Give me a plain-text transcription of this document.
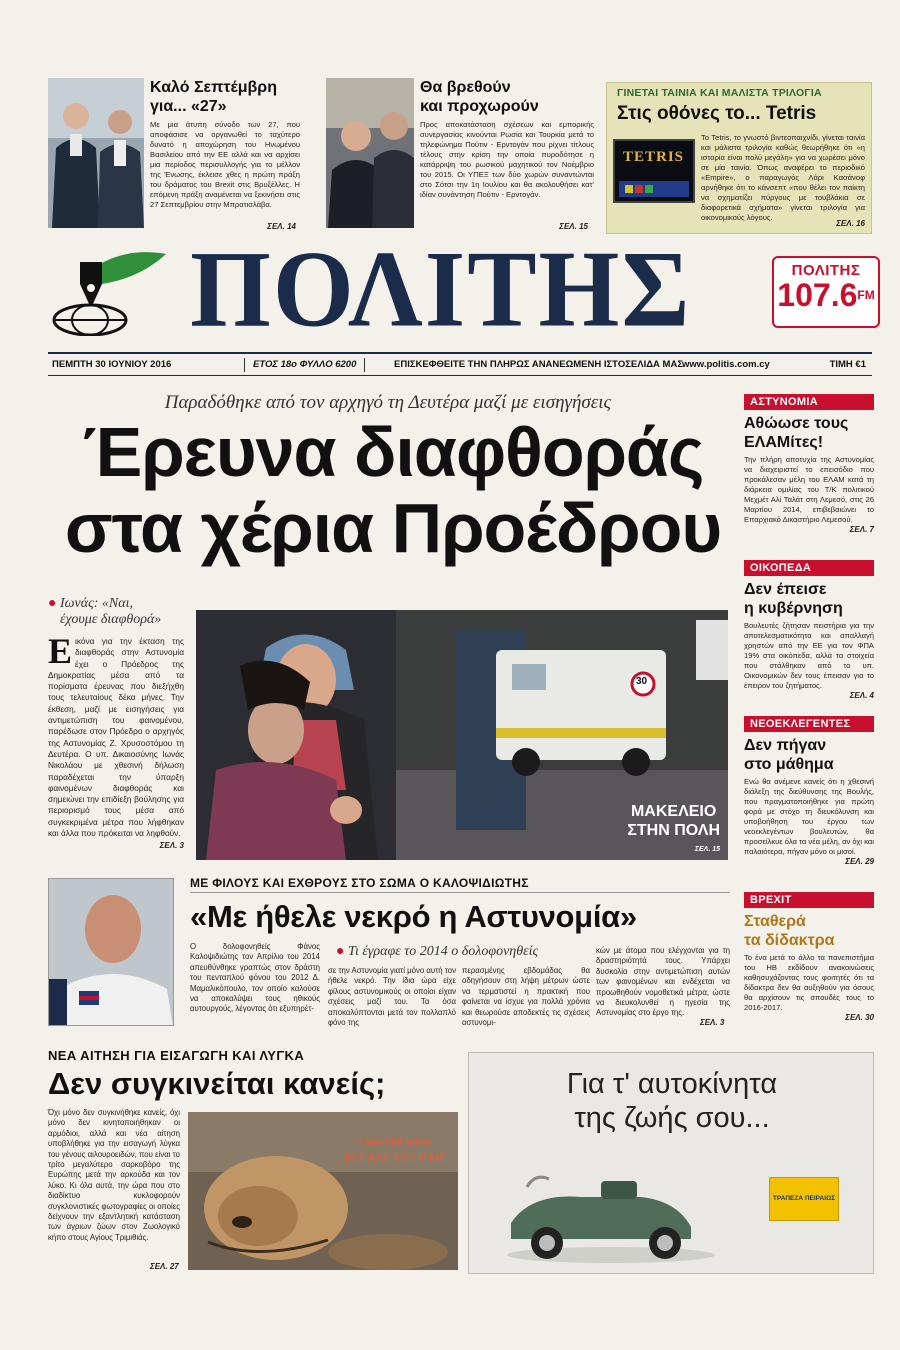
Καλό Σεπτέμβρη
για... «27»

Με μια άτυπη σύνοδο των 27, που αποφάσισε να οργανωθεί το ταχύτερο δυνατό η αποχώρηση του Ηνωμένου Βασιλείου από την ΕΕ αλλά και να αρχίσει μια περίοδος περισυλλογής για το μέλλον της Ένωσης, έκλεισε χθες η πρώτη πράξη του δράματος του Brexit στις Βρυξέλλες. Η επόμενη πράξη αναμένεται να ξεκινήσει στις 27 Σεπτεμβρίου στην Μπρατισλάβα.

ΣΕΛ. 14
Θα βρεθούν
και προχωρούν

Προς αποκατάσταση σχέσεων και εμπορικής συνεργασίας κινούνται Ρωσία και Τουρκία μετά το τηλεφώνημα Πούτιν - Ερντογάν που ρίχνει τίτλους τέλους στην κρίση την οποία πυροδότησε η κατάρριψη του ρωσικού μαχητικού τον Νοέμβριο του 2015. Οι ΥΠΕΞ των δύο χωρών συναντώνται στο Σότσι την 1η Ιουλίου και θα ακολουθήσει κατ' ιδίαν συνάντηση Πούτιν - Ερντογάν.

ΣΕΛ. 15
ΓΙΝΕΤΑΙ ΤΑΙΝΙΑ ΚΑΙ ΜΑΛΙΣΤΑ ΤΡΙΛΟΓΙΑ
Στις οθόνες το... Tetris
TETRIS

Το Tetris, το γνωστό βιντεοπαιχνίδι, γίνεται ταινία και μάλιστα τριλογία καθώς θεωρήθηκε ότι «η ιστορία είναι πολύ μεγάλη» για να χωρέσει μόνο σε μία ταινία. Όπως αναφέρει το περιοδικό «Empire», ο παραγωγός Λάρι Κασάνοφ αρνήθηκε ότι το κάνσεπτ «που θέλει τον παίκτη να σχηματίζει πύργους με τουβλάκια σε διαφορετικά σχήματα» γίνεται τριλογία για οικονομικούς λόγους.

ΣΕΛ. 16
ΠΟΛΙΤΗΣ	ΠΟΛΙΤΗΣ
$107.6^{FM}$
ΠΕΜΠΤΗ 30 ΙΟΥΝΙΟΥ 2016	ΕΤΟΣ 18ο ΦΥΛΛΟ 6200	ΕΠΙΣΚΕΦΘΕΙΤΕ ΤΗΝ ΠΛΗΡΩΣ ΑΝΑΝΕΩΜΕΝΗ ΙΣΤΟΣΕΛΙΔΑ ΜΑΣ
www.politis.com.cy	ΤΙΜΗ €1
Παραδόθηκε από τον αρχηγό τη Δευτέρα μαζί με εισηγήσεις
Έρευνα διαφθοράς
στα χέρια Προέδρου
● Ιωνάς: «Ναι,
έχουμε διαφθορά»
Ε ικόνα για την έκταση της διαφθοράς στην Αστυνομία έχει ο Πρόεδρος της Δημοκρατίας μέσα από τα πορίσματα έρευνας που διεξήχθη τους τελευταίους δέκα μήνες. Την έκθεση, μαζί με εισηγήσεις για αντιμετώπιση του φαινομένου, παρέδωσε στον Πρόεδρο ο αρχηγός της Αστυνομίας Ζ. Χρυσοστόμου τη Δευτέρα. Ο υπ. Δικαιοσύνης Ιωνάς Νικολάου με χθεσινή δήλωση παραδέχεται την ύπαρξη φαινομένων διαφθοράς και σημειώνει την επιδίεξη βούλησης για περιορισμό τους μέσα από συγκεκριμένα μέτρα που λήφθηκαν και άλλα που πρόκειται να ληφθούν.

ΣΕΛ. 3
ΜΑΚΕΛΕΙΟ
ΣΤΗΝ ΠΟΛΗ
30
ΣΕΛ. 15
ΑΣΤΥΝΟΜΙΑ
Αθώωσε τους
ΕΛΑΜίτες!

Την πλήρη αποτυχία της Αστυνομίας να διαχειριστεί το επεισόδιο που προκάλεσαν μέλη του ΕΛΑΜ κατά τη διάρκεια ομιλίας του Τ/Κ πολιτικού Μεχμέτ Αλί Ταλάτ στη Λεμεσό, στις 26 Μαρτίου 2014, επιβεβαιώνει το Επαρχιακό Δικαστήριο Λεμεσού.

ΣΕΛ. 7
ΟΙΚΟΠΕΔΑ
Δεν έπεισε
η κυβέρνηση

Βουλευτές ζήτησαν πειστήρια για την αποτελεσματικότητα και απαλλαγή χρηστών από την ΕΕ για τον ΦΠΑ 19% στα οικόπεδα, αλλά τα στοιχεία που στάλθηκαν από το υπ. Οικονομικών δεν τους έπεισαν για το έπειρον του ζητήματος.

ΣΕΛ. 4
ΝΕΟΕΚΛΕΓΕΝΤΕΣ
Δεν πήγαν
στο μάθημα

Ενώ θα ανέμενε κανείς ότι η χθεσινή διάλεξη της διεύθυνσης της Βουλής, που πραγματοποιήθηκε για πρώτη φορά με στόχο τη διευκόλυνση και υποβοήθηση του έργου των νεοεκλεγέντων βουλευτών, θα προσείλκυε όλα τα νέα μέλη, αν όχι και παλαιότερα, πήγαν μόνο οι μισοί.

ΣΕΛ. 29
ΒΡΕΧΙΤ
Σταθερά
τα δίδακτρα

Το ένα μετά το άλλο τα πανεπιστήμια του ΗΒ εκδίδουν ανακοινώσεις καθησυχάζοντας τους φοιτητές ότι τα δίδακτρα δεν θα αυξηθούν για όσους θα αρχίσουν τις σπουδές τους το 2016-2017.

ΣΕΛ. 30
ΜΕ ΦΙΛΟΥΣ ΚΑΙ ΕΧΘΡΟΥΣ ΣΤΟ ΣΩΜΑ Ο ΚΑΛΟΨΙΔΙΩΤΗΣ
«Με ήθελε νεκρό η Αστυνομία»

Ο δολοφονηθείς Φάνος Καλοψιδιώτης τον Απρίλιο του 2014 απευθύνθηκε γραπτώς στον δράστη του πενταπλού φόνου του 2012 Δ. Μαμαλικόπουλο, τον οποίο καλούσε να αποκαλύψει τους ηθικούς αυτουργούς, λέγοντας ότι εξυπηρέτ-

● Τι έγραφε το 2014 ο δολοφονηθείς

σε την Αστυνομία γιατί μόνο αυτή τον ήθελε νεκρό. Την ίδια ώρα είχε φίλους αστυνομικούς οι οποίοι είχαν σχέσεις μαζί του. Τα όσα αποκαλύπτονται μετά τον πολλαπλό φόνο της

περασμένης εβδομάδας θα οδηγήσουν στη λήψη μέτρων ώστε να τερματιστεί η πρακτική που φαίνεται να ίσχυε για πολλά χρόνια και θεωρούσε αποδεκτές τις σχέσεις αστυνομι-

κών με άτομα που ελέγχονται για τη δραστηριότητά τους. Υπάρχει δυσκολία στην αντιμετώπιση αυτών των φαινομένων και ενδέχεται να προωθηθούν νομοθετικά μέτρα, ώστε να διευκολυνθεί η ηγεσία της Αστυνομίας στο έργο της.

ΣΕΛ. 3
ΝΕΑ ΑΙΤΗΣΗ ΓΙΑ ΕΙΣΑΓΩΓΗ ΚΑΙ ΛΥΓΚΑ
Δεν συγκινείται κανείς;

Όχι μόνο δεν συγκινήθηκε κανείς, όχι μόνο δεν κινητοποιήθηκαν οι αρμόδιοι, αλλά και νέα αίτηση υποβλήθηκε για την εισαγωγή λύγκα του γένους αιλουροειδών, που είναι το τρίτο μεγαλύτερο σαρκοβόρο της Ευρώπης μετά την αρκούδα και τον λύκο. Κι όλα αυτά, την ώρα που στο διαδίκτυο κυκλοφορούν συγκλονιστικές φωτογραφίες οι οποίες δείχνουν την εξαντλητική κατάσταση των άγριων ζώων στον Ζωολογικό κήπο στους Αγίους Τριμιθιάς.

ΣΕΛ. 27
I am still alive.
PLEASE HELP ME
Για τ' αυτοκίνητα
της ζωής σου...
ΤΡΑΠΕΖΑ ΠΕΙΡΑΙΩΣ
